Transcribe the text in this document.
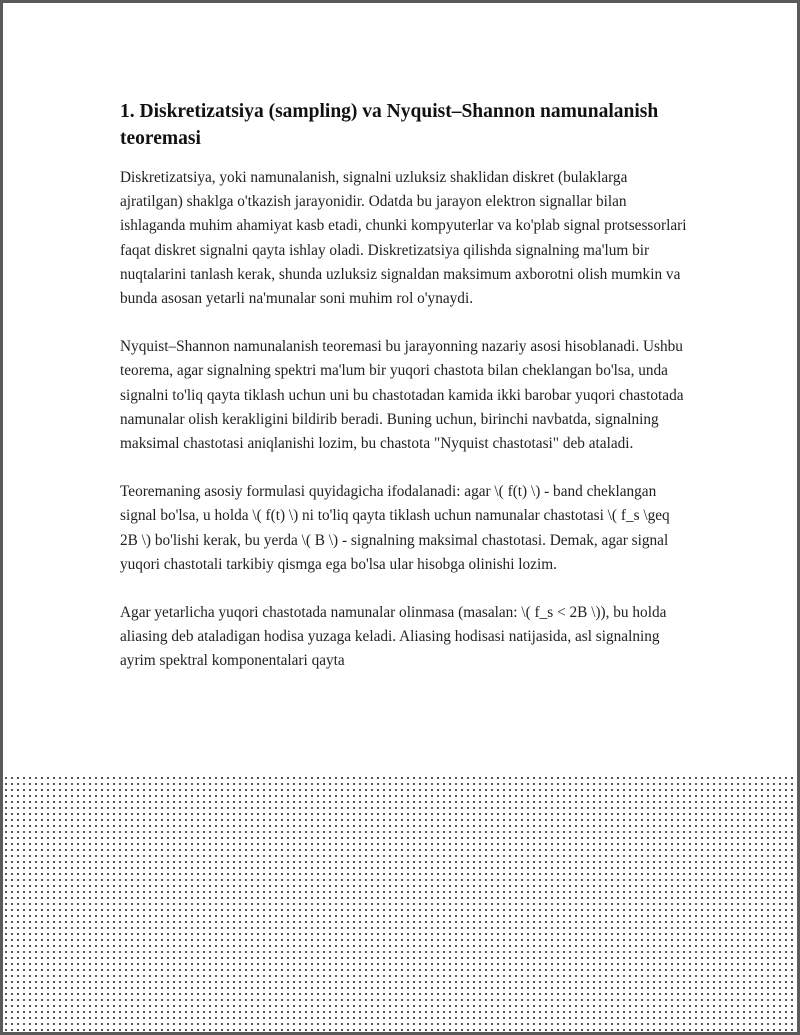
1. Diskretizatsiya (sampling) va Nyquist–Shannon namunalanish teoremasi

Diskretizatsiya, yoki namunalanish, signalni uzluksiz shaklidan diskret (bulaklarga ajratilgan) shaklga o'tkazish jarayonidir. Odatda bu jarayon elektron signallar bilan ishlaganda muhim ahamiyat kasb etadi, chunki kompyuterlar va ko'plab signal protsessorlari faqat diskret signalni qayta ishlay oladi. Diskretizatsiya qilishda signalning ma'lum bir nuqtalarini tanlash kerak, shunda uzluksiz signaldan maksimum axborotni olish mumkin va bunda asosan yetarli na'munalar soni muhim rol o'ynaydi.

Nyquist–Shannon namunalanish teoremasi bu jarayonning nazariy asosi hisoblanadi. Ushbu teorema, agar signalning spektri ma'lum bir yuqori chastota bilan cheklangan bo'lsa, unda signalni to'liq qayta tiklash uchun uni bu chastotadan kamida ikki barobar yuqori chastotada namunalar olish kerakligini bildirib beradi. Buning uchun, birinchi navbatda, signalning maksimal chastotasi aniqlanishi lozim, bu chastota "Nyquist chastotasi" deb ataladi.

Teoremaning asosiy formulasi quyidagicha ifodalanadi: agar \( f(t) \) - band cheklangan signal bo'lsa, u holda \( f(t) \) ni to'liq qayta tiklash uchun namunalar chastotasi \( f_s \geq 2B \) bo'lishi kerak, bu yerda \( B \) - signalning maksimal chastotasi. Demak, agar signal yuqori chastotali tarkibiy qismga ega bo'lsa ular hisobga olinishi lozim.

Agar yetarlicha yuqori chastotada namunalar olinmasa (masalan: \( f_s < 2B \)), bu holda aliasing deb ataladigan hodisa yuzaga keladi. Aliasing hodisasi natijasida, asl signalning ayrim spektral komponentalari qayta
